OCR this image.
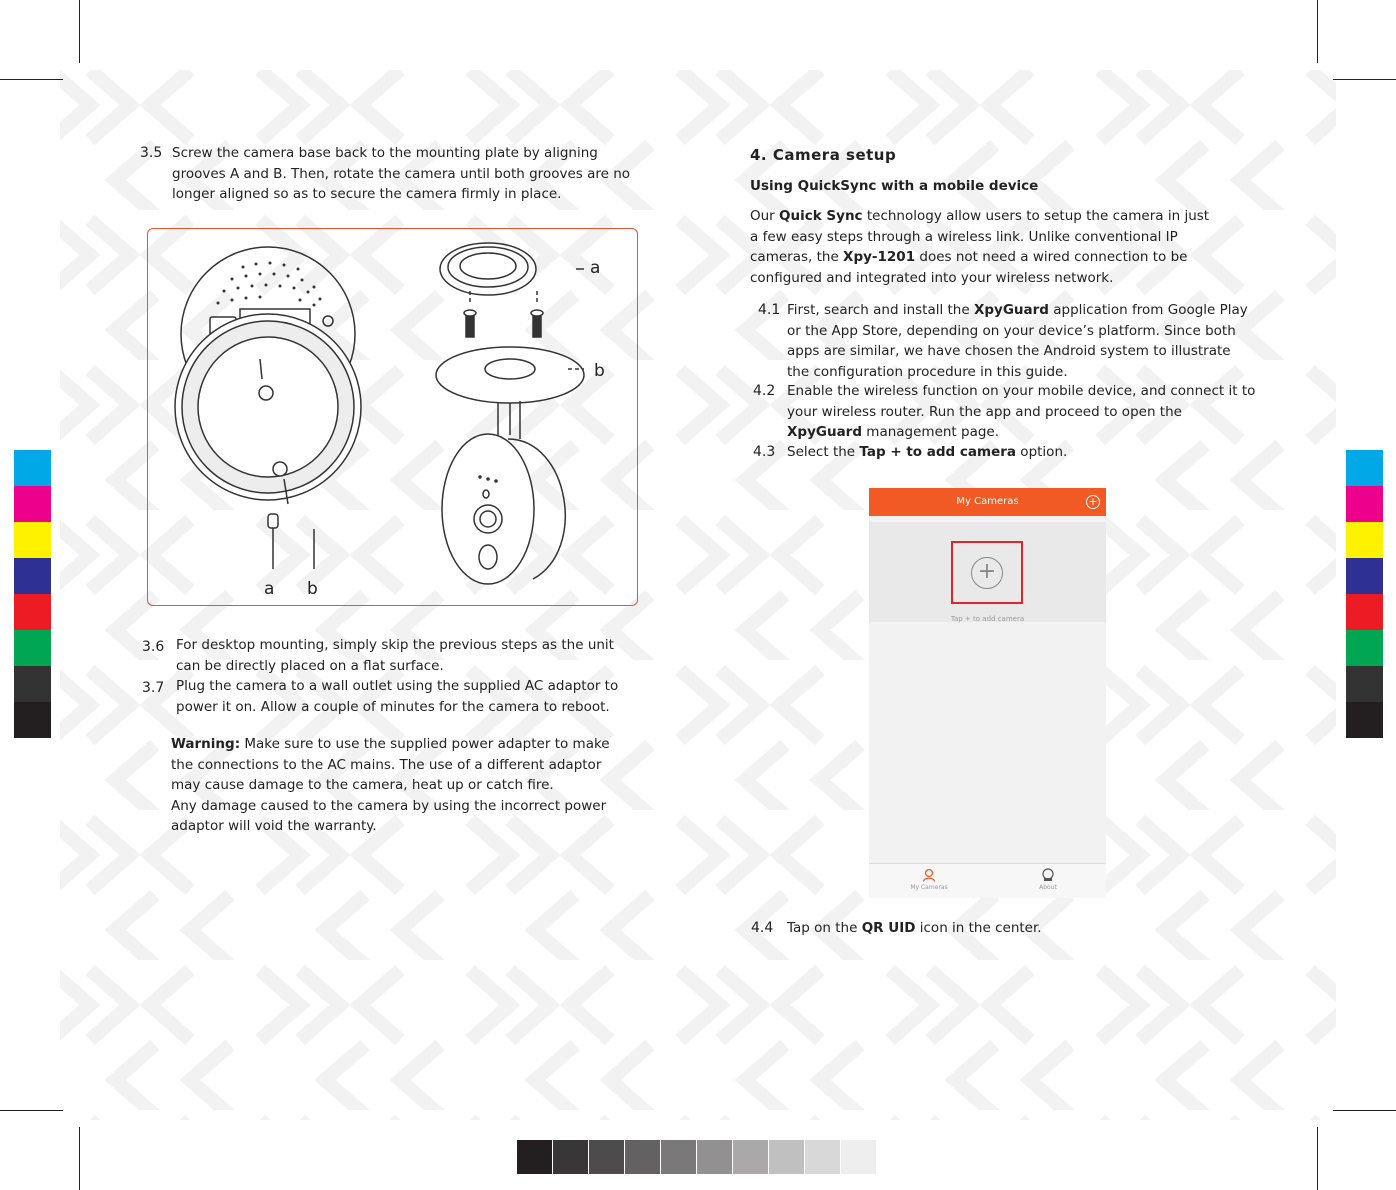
3.5 Screw the camera base back to the mounting plate by aligning
grooves A and B. Then, rotate the camera until both grooves are no
longer aligned so as to secure the camera firmly in place.
a
b
a b
3.6 For desktop mounting, simply skip the previous steps as the unit
can be directly placed on a flat surface.
3.7 Plug the camera to a wall outlet using the supplied AC adaptor to
power it on. Allow a couple of minutes for the camera to reboot.
Warning: Make sure to use the supplied power adapter to make
the connections to the AC mains. The use of a different adaptor
may cause damage to the camera, heat up or catch fire.
Any damage caused to the camera by using the incorrect power
adaptor will void the warranty.
4. Camera setup
Using QuickSync with a mobile device
Our Quick Sync technology allow users to setup the camera in just
a few easy steps through a wireless link. Unlike conventional IP
cameras, the Xpy-1201 does not need a wired connection to be
configured and integrated into your wireless network.
4.1 First, search and install the XpyGuard application from Google Play
or the App Store, depending on your device’s platform. Since both
apps are similar, we have chosen the Android system to illustrate
the configuration procedure in this guide.
4.2 Enable the wireless function on your mobile device, and connect it to
your wireless router. Run the app and proceed to open the
XpyGuard management page.
4.3 Select the Tap + to add camera option.
My Cameras	+
+
Tap + to add camera
My Cameras	About
4.4 Tap on the QR UID icon in the center.
